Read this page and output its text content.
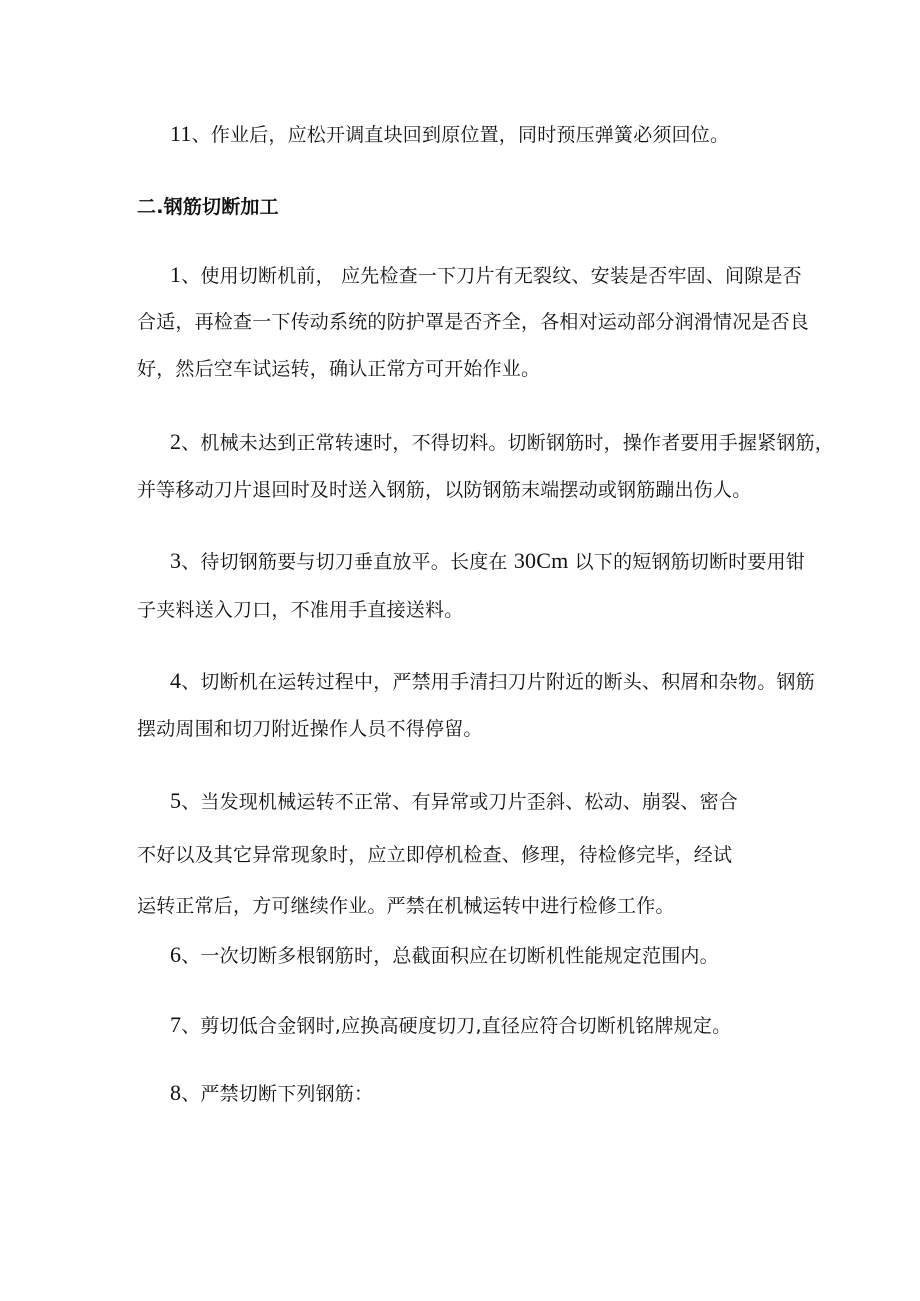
11、作业后，应松开调直块回到原位置，同时预压弹簧必须回位。
二.钢筋切断加工
1、使用切断机前， 应先检查一下刀片有无裂纹、安装是否牢固、间隙是否
合适，再检查一下传动系统的防护罩是否齐全，各相对运动部分润滑情况是否良
好，然后空车试运转，确认正常方可开始作业。
2、机械未达到正常转速时，不得切料。切断钢筋时，操作者要用手握紧钢筋，
并等移动刀片退回时及时送入钢筋，以防钢筋末端摆动或钢筋蹦出伤人。
3、待切钢筋要与切刀垂直放平。长度在 30Cm 以下的短钢筋切断时要用钳
子夹料送入刀口，不准用手直接送料。
4、切断机在运转过程中，严禁用手清扫刀片附近的断头、积屑和杂物。钢筋
摆动周围和切刀附近操作人员不得停留。
5、当发现机械运转不正常、有异常或刀片歪斜、松动、崩裂、密合
不好以及其它异常现象时，应立即停机检查、修理，待检修完毕，经试
运转正常后，方可继续作业。严禁在机械运转中进行检修工作。
6、一次切断多根钢筋时，总截面积应在切断机性能规定范围内。
7、剪切低合金钢时,应换高硬度切刀,直径应符合切断机铭牌规定。
8、严禁切断下列钢筋：
